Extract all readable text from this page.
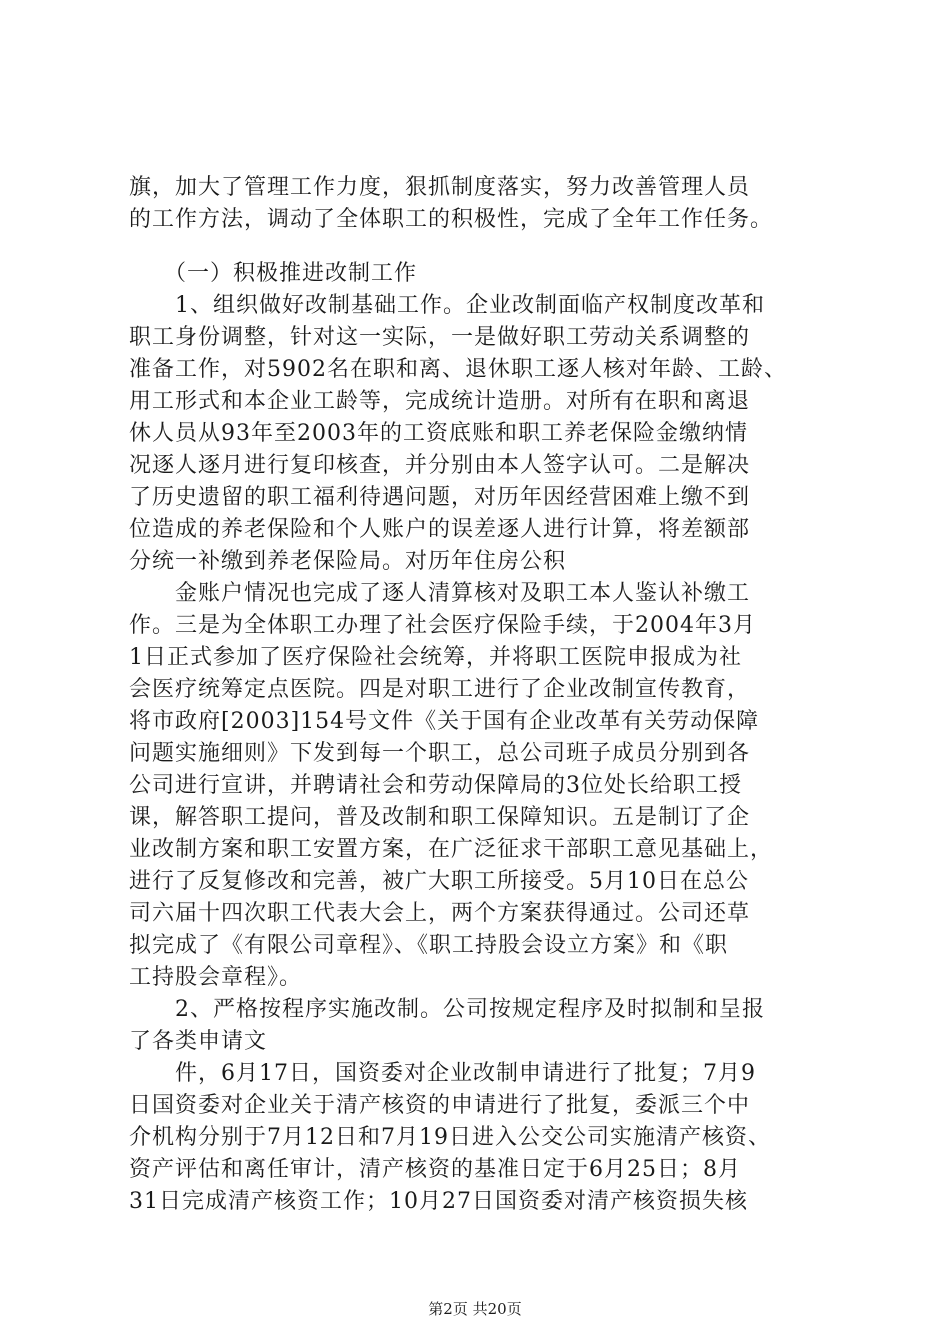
旗，加大了管理工作力度，狠抓制度落实，努力改善管理人员
的工作方法，调动了全体职工的积极性，完成了全年工作任务。
　　（一）积极推进改制工作
　　1、组织做好改制基础工作。企业改制面临产权制度改革和
职工身份调整，针对这一实际，一是做好职工劳动关系调整的
准备工作，对5902名在职和离、退休职工逐人核对年龄、工龄、
用工形式和本企业工龄等，完成统计造册。对所有在职和离退
休人员从93年至2003年的工资底账和职工养老保险金缴纳情
况逐人逐月进行复印核查，并分别由本人签字认可。二是解决
了历史遗留的职工福利待遇问题，对历年因经营困难上缴不到
位造成的养老保险和个人账户的误差逐人进行计算，将差额部
分统一补缴到养老保险局。对历年住房公积
　　金账户情况也完成了逐人清算核对及职工本人鉴认补缴工
作。三是为全体职工办理了社会医疗保险手续，于2004年3月
1日正式参加了医疗保险社会统筹，并将职工医院申报成为社
会医疗统筹定点医院。四是对职工进行了企业改制宣传教育，
将市政府[2003]154号文件《关于国有企业改革有关劳动保障
问题实施细则》下发到每一个职工，总公司班子成员分别到各
公司进行宣讲，并聘请社会和劳动保障局的3位处长给职工授
课，解答职工提问，普及改制和职工保障知识。五是制订了企
业改制方案和职工安置方案，在广泛征求干部职工意见基础上，
进行了反复修改和完善，被广大职工所接受。5月10日在总公
司六届十四次职工代表大会上，两个方案获得通过。公司还草
拟完成了《有限公司章程》、《职工持股会设立方案》和《职
工持股会章程》。
　　2、严格按程序实施改制。公司按规定程序及时拟制和呈报
了各类申请文
　　件，6月17日，国资委对企业改制申请进行了批复；7月9
日国资委对企业关于清产核资的申请进行了批复，委派三个中
介机构分别于7月12日和7月19日进入公交公司实施清产核资、
资产评估和离任审计，清产核资的基准日定于6月25日；8月
31日完成清产核资工作；10月27日国资委对清产核资损失核
第2页 共20页
